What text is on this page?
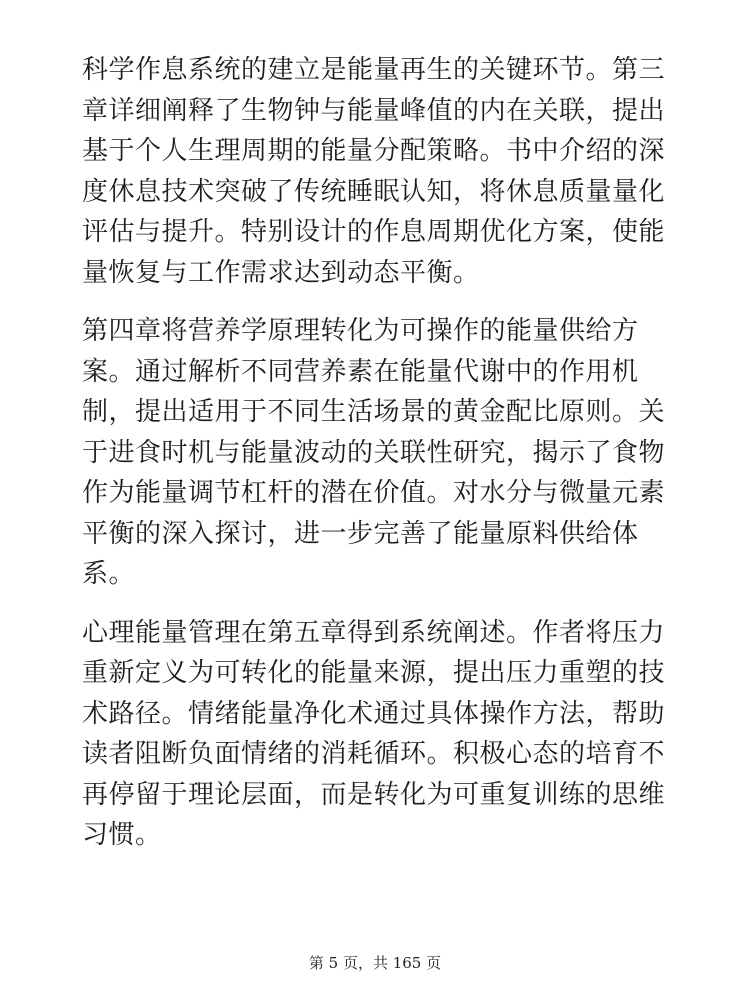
科学作息系统的建立是能量再生的关键环节。第三
章详细阐释了生物钟与能量峰值的内在关联，提出
基于个人生理周期的能量分配策略。书中介绍的深
度休息技术突破了传统睡眠认知，将休息质量量化
评估与提升。特别设计的作息周期优化方案，使能
量恢复与工作需求达到动态平衡。

第四章将营养学原理转化为可操作的能量供给方
案。通过解析不同营养素在能量代谢中的作用机
制，提出适用于不同生活场景的黄金配比原则。关
于进食时机与能量波动的关联性研究，揭示了食物
作为能量调节杠杆的潜在价值。对水分与微量元素
平衡的深入探讨，进一步完善了能量原料供给体
系。

心理能量管理在第五章得到系统阐述。作者将压力
重新定义为可转化的能量来源，提出压力重塑的技
术路径。情绪能量净化术通过具体操作方法，帮助
读者阻断负面情绪的消耗循环。积极心态的培育不
再停留于理论层面，而是转化为可重复训练的思维
习惯。

第 5 页，共 165 页
